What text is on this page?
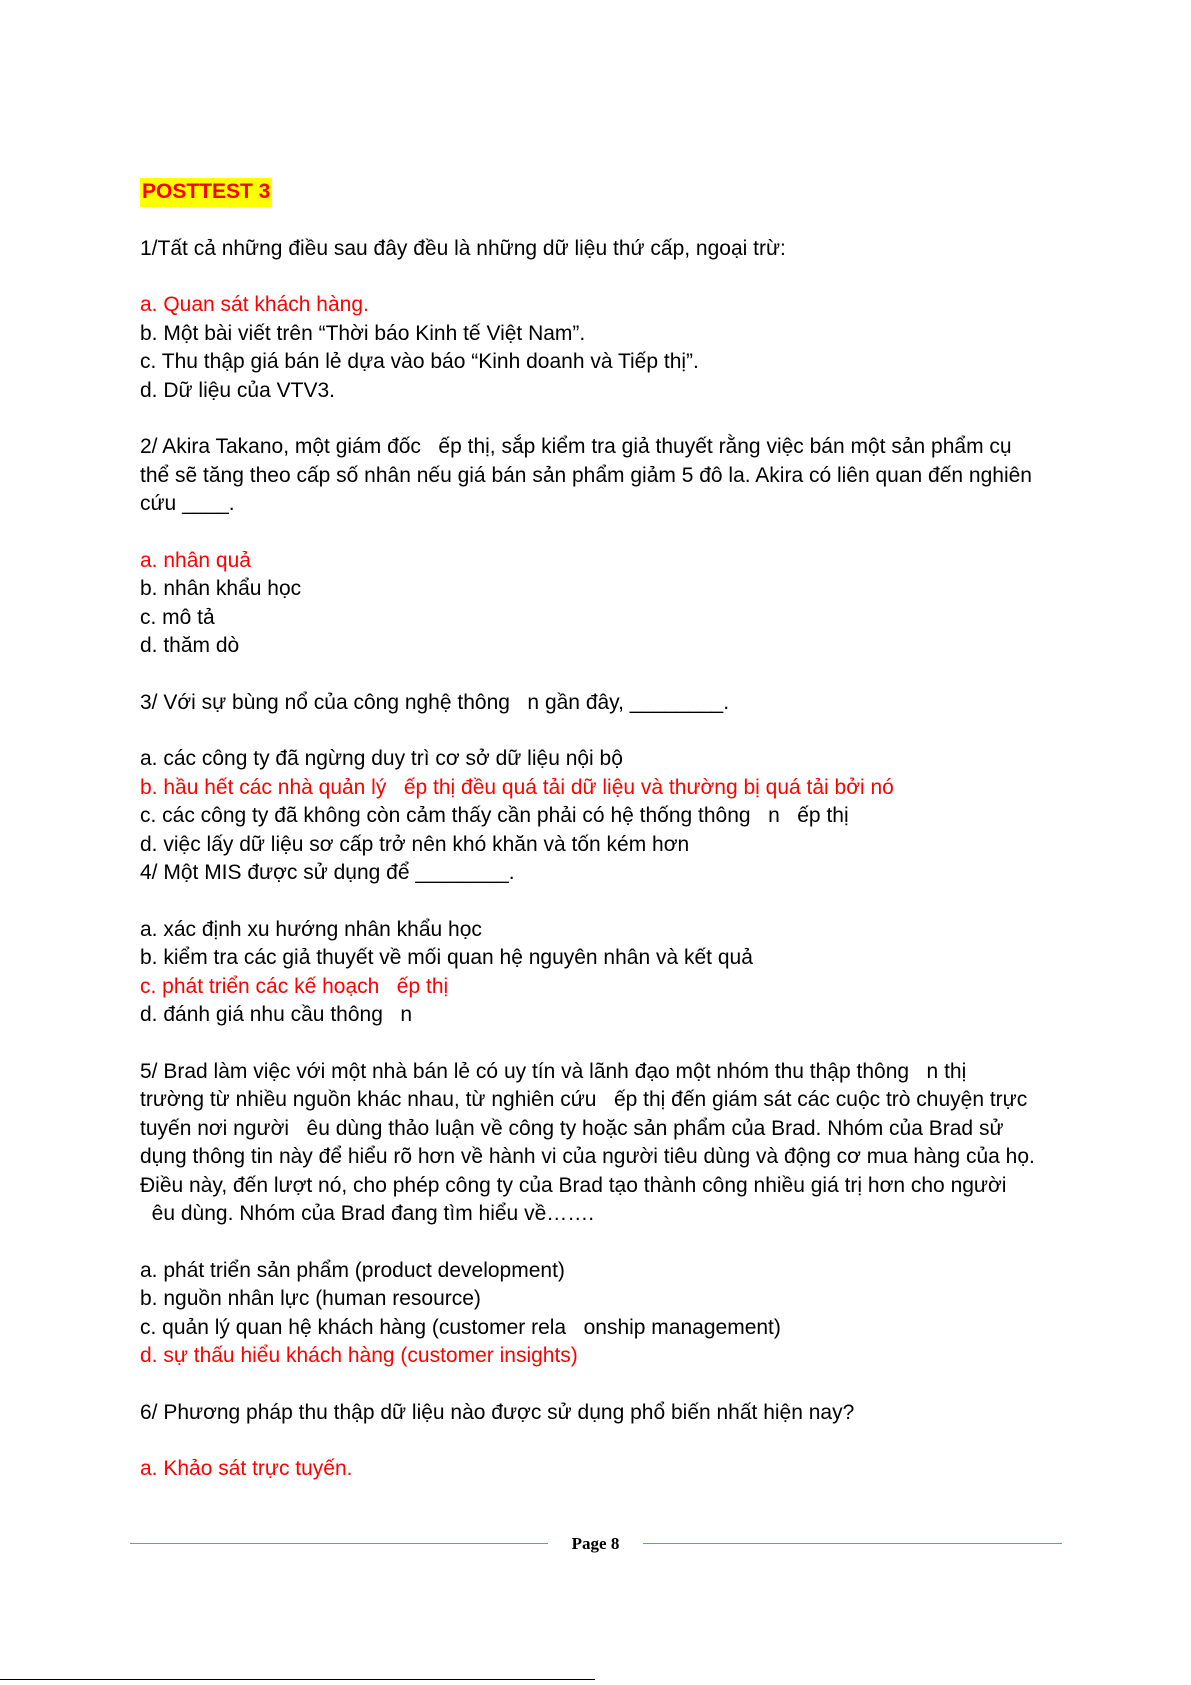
POSTTEST 3
1/Tất cả những điều sau đây đều là những dữ liệu thứ cấp, ngoại trừ:
a. Quan sát khách hàng.
b. Một bài viết trên “Thời báo Kinh tế Việt Nam”.
c. Thu thập giá bán lẻ dựa vào báo “Kinh doanh và Tiếp thị”.
d. Dữ liệu của VTV3.
2/ Akira Takano, một giám đốc   ếp thị, sắp kiểm tra giả thuyết rằng việc bán một sản phẩm cụ
thể sẽ tăng theo cấp số nhân nếu giá bán sản phẩm giảm 5 đô la. Akira có liên quan đến nghiên
cứu ____.
a. nhân quả
b. nhân khẩu học
c. mô tả
d. thăm dò
3/ Với sự bùng nổ của công nghệ thông   n gần đây, ________.
a. các công ty đã ngừng duy trì cơ sở dữ liệu nội bộ
b. hầu hết các nhà quản lý   ếp thị đều quá tải dữ liệu và thường bị quá tải bởi nó
c. các công ty đã không còn cảm thấy cần phải có hệ thống thông   n   ếp thị
d. việc lấy dữ liệu sơ cấp trở nên khó khăn và tốn kém hơn
4/ Một MIS được sử dụng để ________.
a. xác định xu hướng nhân khẩu học
b. kiểm tra các giả thuyết về mối quan hệ nguyên nhân và kết quả
c. phát triển các kế hoạch   ếp thị
d. đánh giá nhu cầu thông   n
5/ Brad làm việc với một nhà bán lẻ có uy tín và lãnh đạo một nhóm thu thập thông   n thị
trường từ nhiều nguồn khác nhau, từ nghiên cứu   ếp thị đến giám sát các cuộc trò chuyện trực
tuyến nơi người   êu dùng thảo luận về công ty hoặc sản phẩm của Brad. Nhóm của Brad sử
dụng thông tin này để hiểu rõ hơn về hành vi của người tiêu dùng và động cơ mua hàng của họ.
Điều này, đến lượt nó, cho phép công ty của Brad tạo thành công nhiều giá trị hơn cho người
êu dùng. Nhóm của Brad đang tìm hiểu về…….
a. phát triển sản phẩm (product development)
b. nguồn nhân lực (human resource)
c. quản lý quan hệ khách hàng (customer rela   onship management)
d. sự thấu hiểu khách hàng (customer insights)
6/ Phương pháp thu thập dữ liệu nào được sử dụng phổ biến nhất hiện nay?
a. Khảo sát trực tuyến.
Page 8
